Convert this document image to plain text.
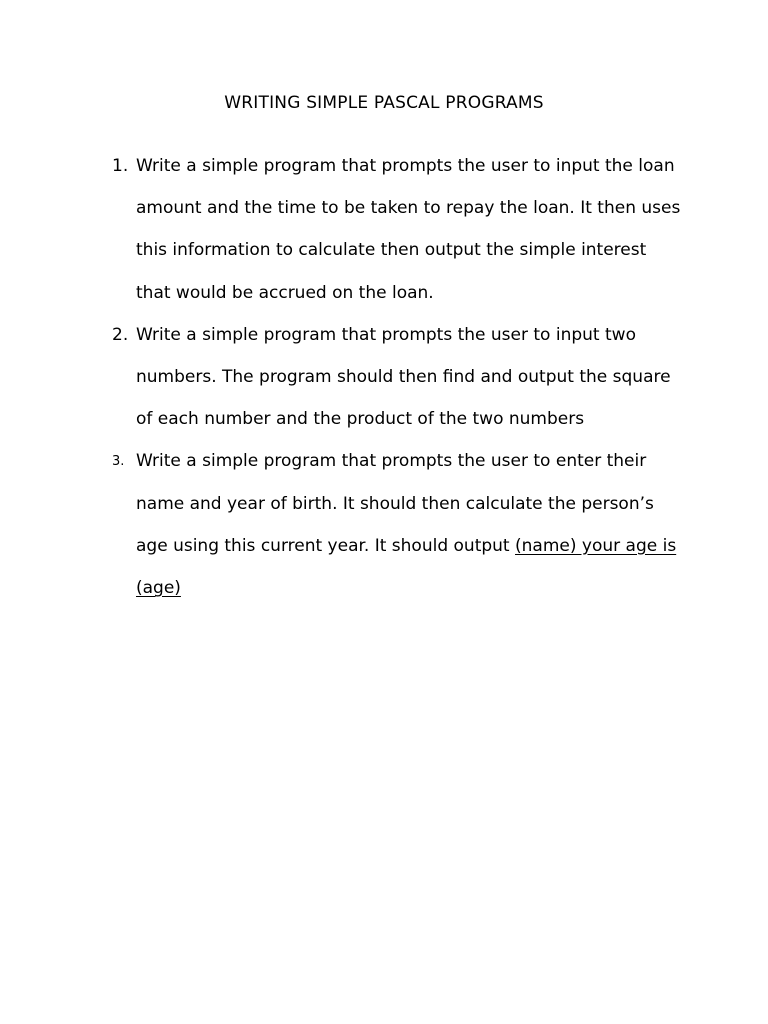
WRITING SIMPLE PASCAL PROGRAMS
1. Write a simple program that prompts the user to input the loan amount and the time to be taken to repay the loan. It then uses this information to calculate then output the simple interest that would be accrued on the loan.
2. Write a simple program that prompts the user to input two numbers. The program should then find and output the square of each number and the product of the two numbers
3. Write a simple program that prompts the user to enter their name and year of birth. It should then calculate the person’s age using this current year. It should output (name) your age is (age)
